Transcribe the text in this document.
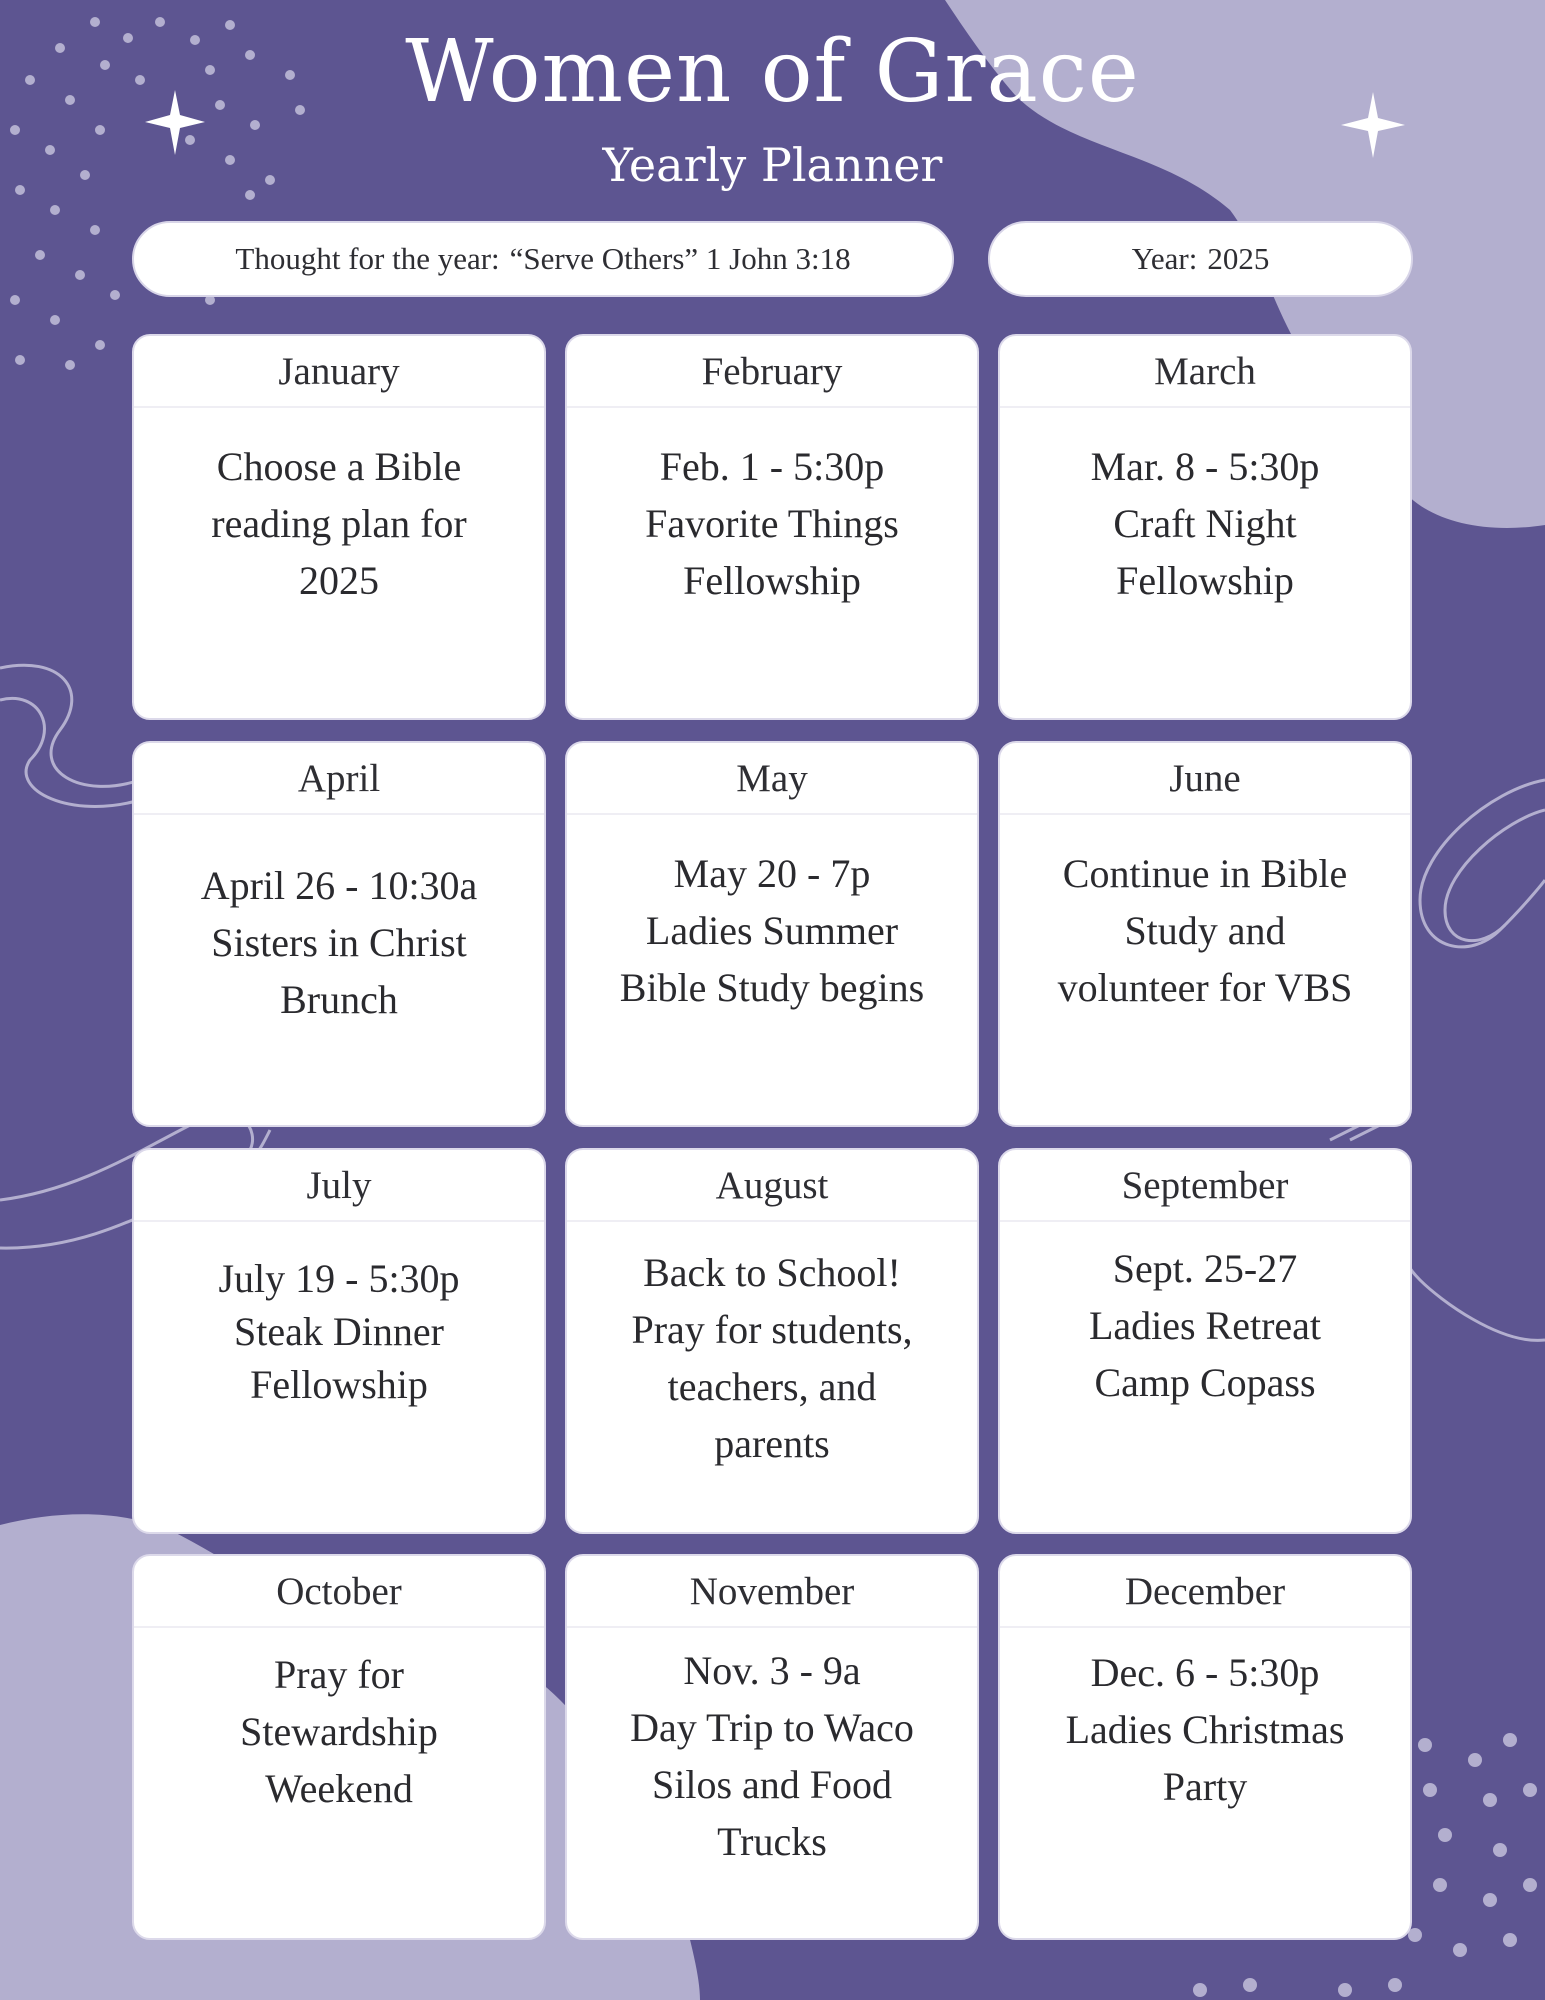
Women of Grace
Yearly Planner
Thought for the year: “Serve Others” 1 John 3:18	Year: 2025
January
Choose a Bible
reading plan for
2025
February
Feb. 1 - 5:30p
Favorite Things
Fellowship
March
Mar. 8 - 5:30p
Craft Night
Fellowship
April
April 26 - 10:30a
Sisters in Christ
Brunch
May
May 20 - 7p
Ladies Summer
Bible Study begins
June
Continue in Bible
Study and
volunteer for VBS
July
July 19 - 5:30p
Steak Dinner
Fellowship
August
Back to School!
Pray for students,
teachers, and
parents
September
Sept. 25-27
Ladies Retreat
Camp Copass
October
Pray for
Stewardship
Weekend
November
Nov. 3 - 9a
Day Trip to Waco
Silos and Food
Trucks
December
Dec. 6 - 5:30p
Ladies Christmas
Party
